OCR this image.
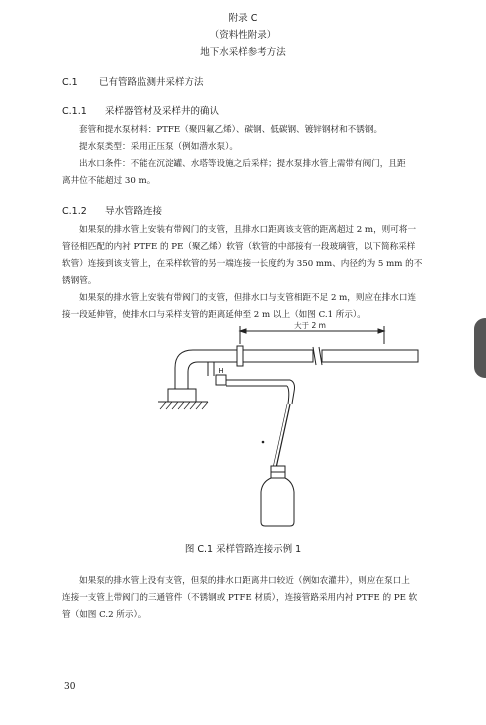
附录 C
（资料性附录）
地下水采样参考方法
C.1 已有管路监测井采样方法
C.1.1 采样器管材及采样井的确认
套管和提水泵材料：PTFE（聚四氟乙烯）、碳钢、低碳钢、镀锌钢材和不锈钢。
提水泵类型：采用正压泵（例如潜水泵）。
出水口条件：不能在沉淀罐、水塔等设施之后采样；提水泵排水管上需带有阀门，且距
离井位不能超过 30 m。
C.1.2 导水管路连接
如果泵的排水管上安装有带阀门的支管，且排水口距离该支管的距离超过 2 m，则可将一
管径相匹配的内衬 PTFE 的 PE（聚乙烯）软管（软管的中部接有一段玻璃管，以下简称采样
软管）连接到该支管上，在采样软管的另一端连接一长度约为 350 mm、内径约为 5 mm 的不
锈钢管。
如果泵的排水管上安装有带阀门的支管，但排水口与支管相距不足 2 m，则应在排水口连
接一段延伸管，使排水口与采样支管的距离延伸至 2 m 以上（如图 C.1 所示）。
大于 2 m
H
图 C.1 采样管路连接示例 1
如果泵的排水管上没有支管，但泵的排水口距离井口较近（例如农灌井），则应在泵口上
连接一支管上带阀门的三通管件（不锈钢或 PTFE 材质），连接管路采用内衬 PTFE 的 PE 软
管（如图 C.2 所示）。
30
